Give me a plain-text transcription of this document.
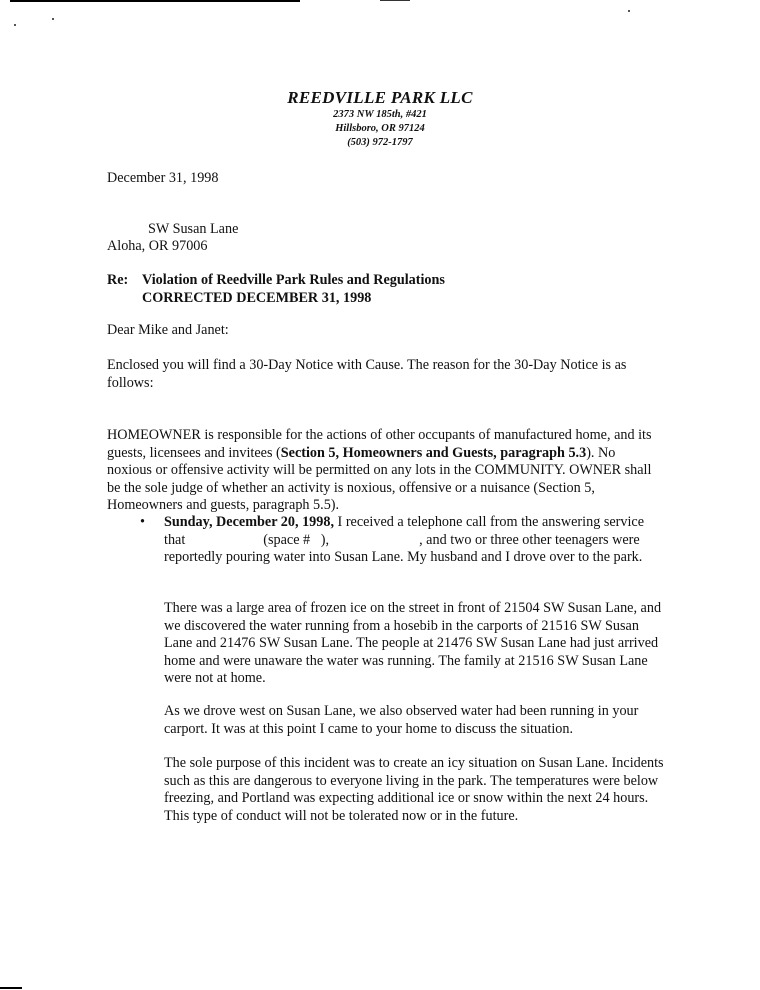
REEDVILLE PARK LLC
2373 NW 185th, #421
Hillsboro, OR 97124
(503) 972-1797
December 31, 1998
SW Susan Lane
Aloha, OR 97006
Re: Violation of Reedville Park Rules and Regulations
CORRECTED DECEMBER 31, 1998
Dear Mike and Janet:
Enclosed you will find a 30-Day Notice with Cause. The reason for the 30-Day Notice is as follows:
HOMEOWNER is responsible for the actions of other occupants of manufactured home, and its guests, licensees and invitees (Section 5, Homeowners and Guests, paragraph 5.3). No noxious or offensive activity will be permitted on any lots in the COMMUNITY. OWNER shall be the sole judge of whether an activity is noxious, offensive or a nuisance (Section 5, Homeowners and guests, paragraph 5.5).
• Sunday, December 20, 1998, I received a telephone call from the answering service that	(space #   ),	, and two or three other teenagers were reportedly pouring water into Susan Lane. My husband and I drove over to the park.
There was a large area of frozen ice on the street in front of 21504 SW Susan Lane, and we discovered the water running from a hosebib in the carports of 21516 SW Susan Lane and 21476 SW Susan Lane. The people at 21476 SW Susan Lane had just arrived home and were unaware the water was running. The family at 21516 SW Susan Lane were not at home.
As we drove west on Susan Lane, we also observed water had been running in your carport. It was at this point I came to your home to discuss the situation.
The sole purpose of this incident was to create an icy situation on Susan Lane. Incidents such as this are dangerous to everyone living in the park. The temperatures were below freezing, and Portland was expecting additional ice or snow within the next 24 hours. This type of conduct will not be tolerated now or in the future.
